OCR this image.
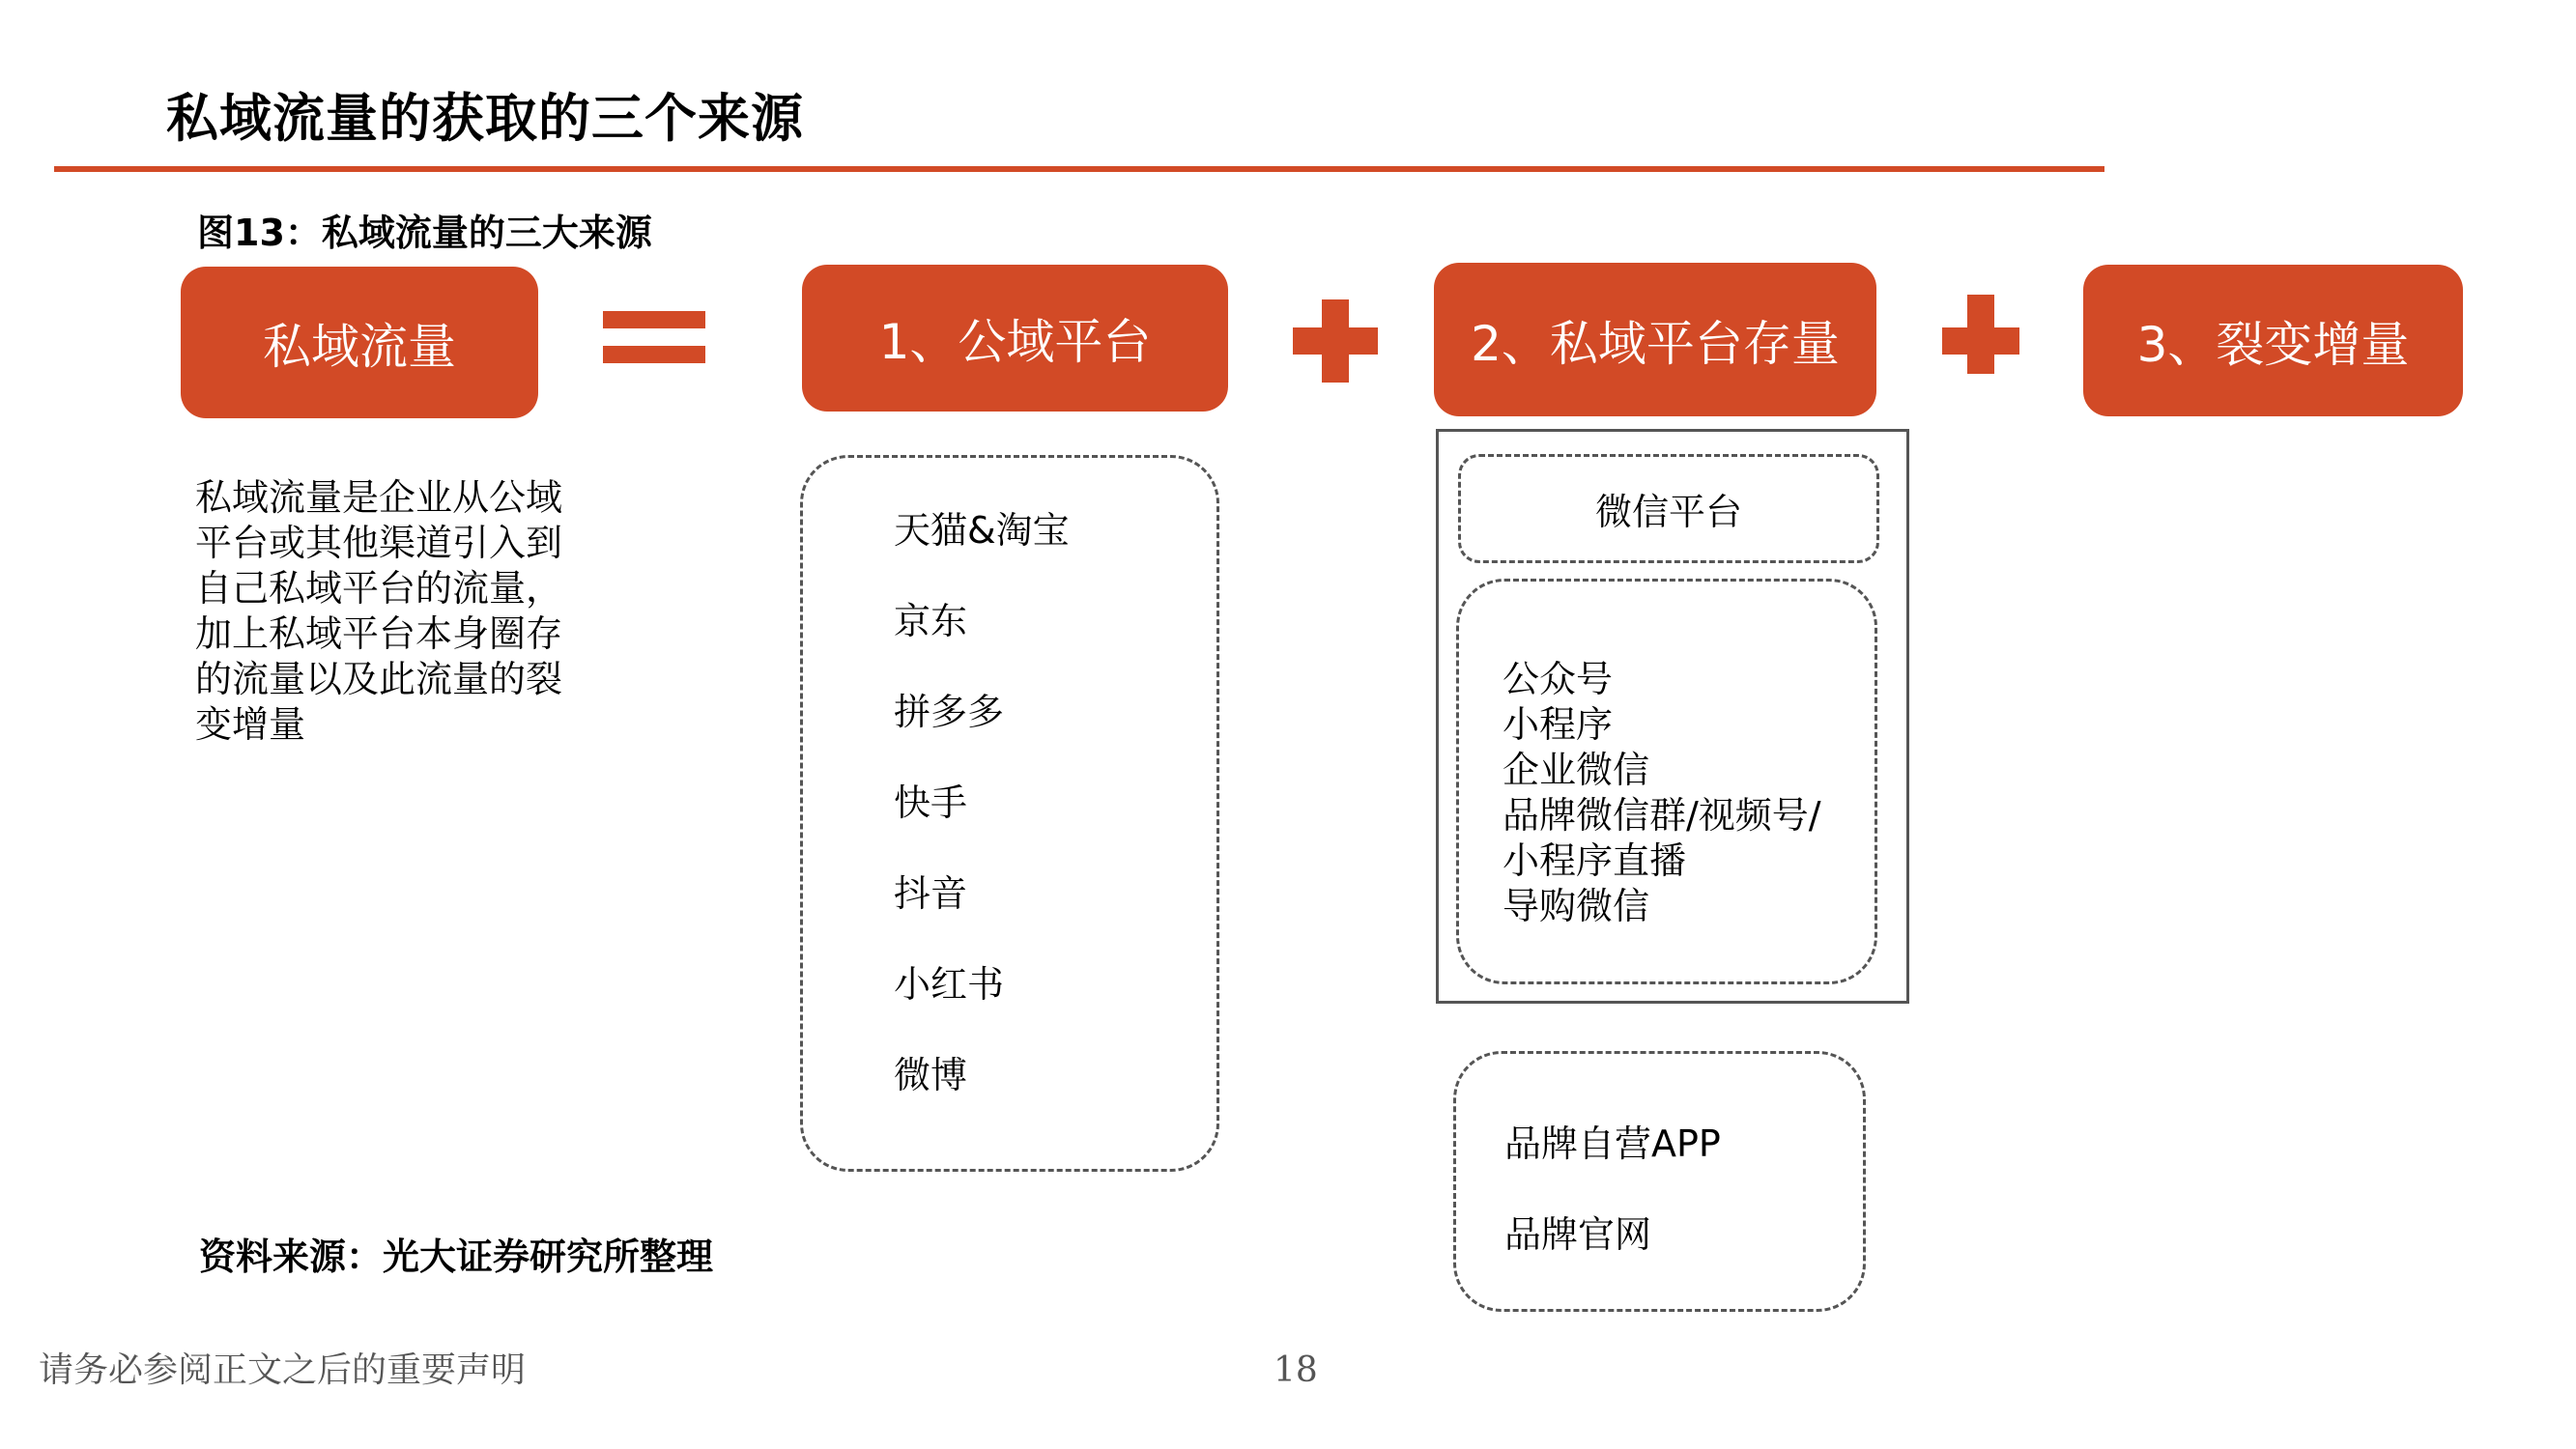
私域流量的获取的三个来源
图13：私域流量的三大来源
私域流量	1、公域平台	2、私域平台存量	3、裂变增量
私域流量是企业从公域平台或其他渠道引入到自己私域平台的流量，加上私域平台本身圈存的流量以及此流量的裂变增量
天猫&淘宝
京东
拼多多
快手
抖音
小红书
微博
微信平台
公众号
小程序
企业微信
品牌微信群/视频号/
小程序直播
导购微信
品牌自营APP
品牌官网
资料来源：光大证券研究所整理
请务必参阅正文之后的重要声明	18
